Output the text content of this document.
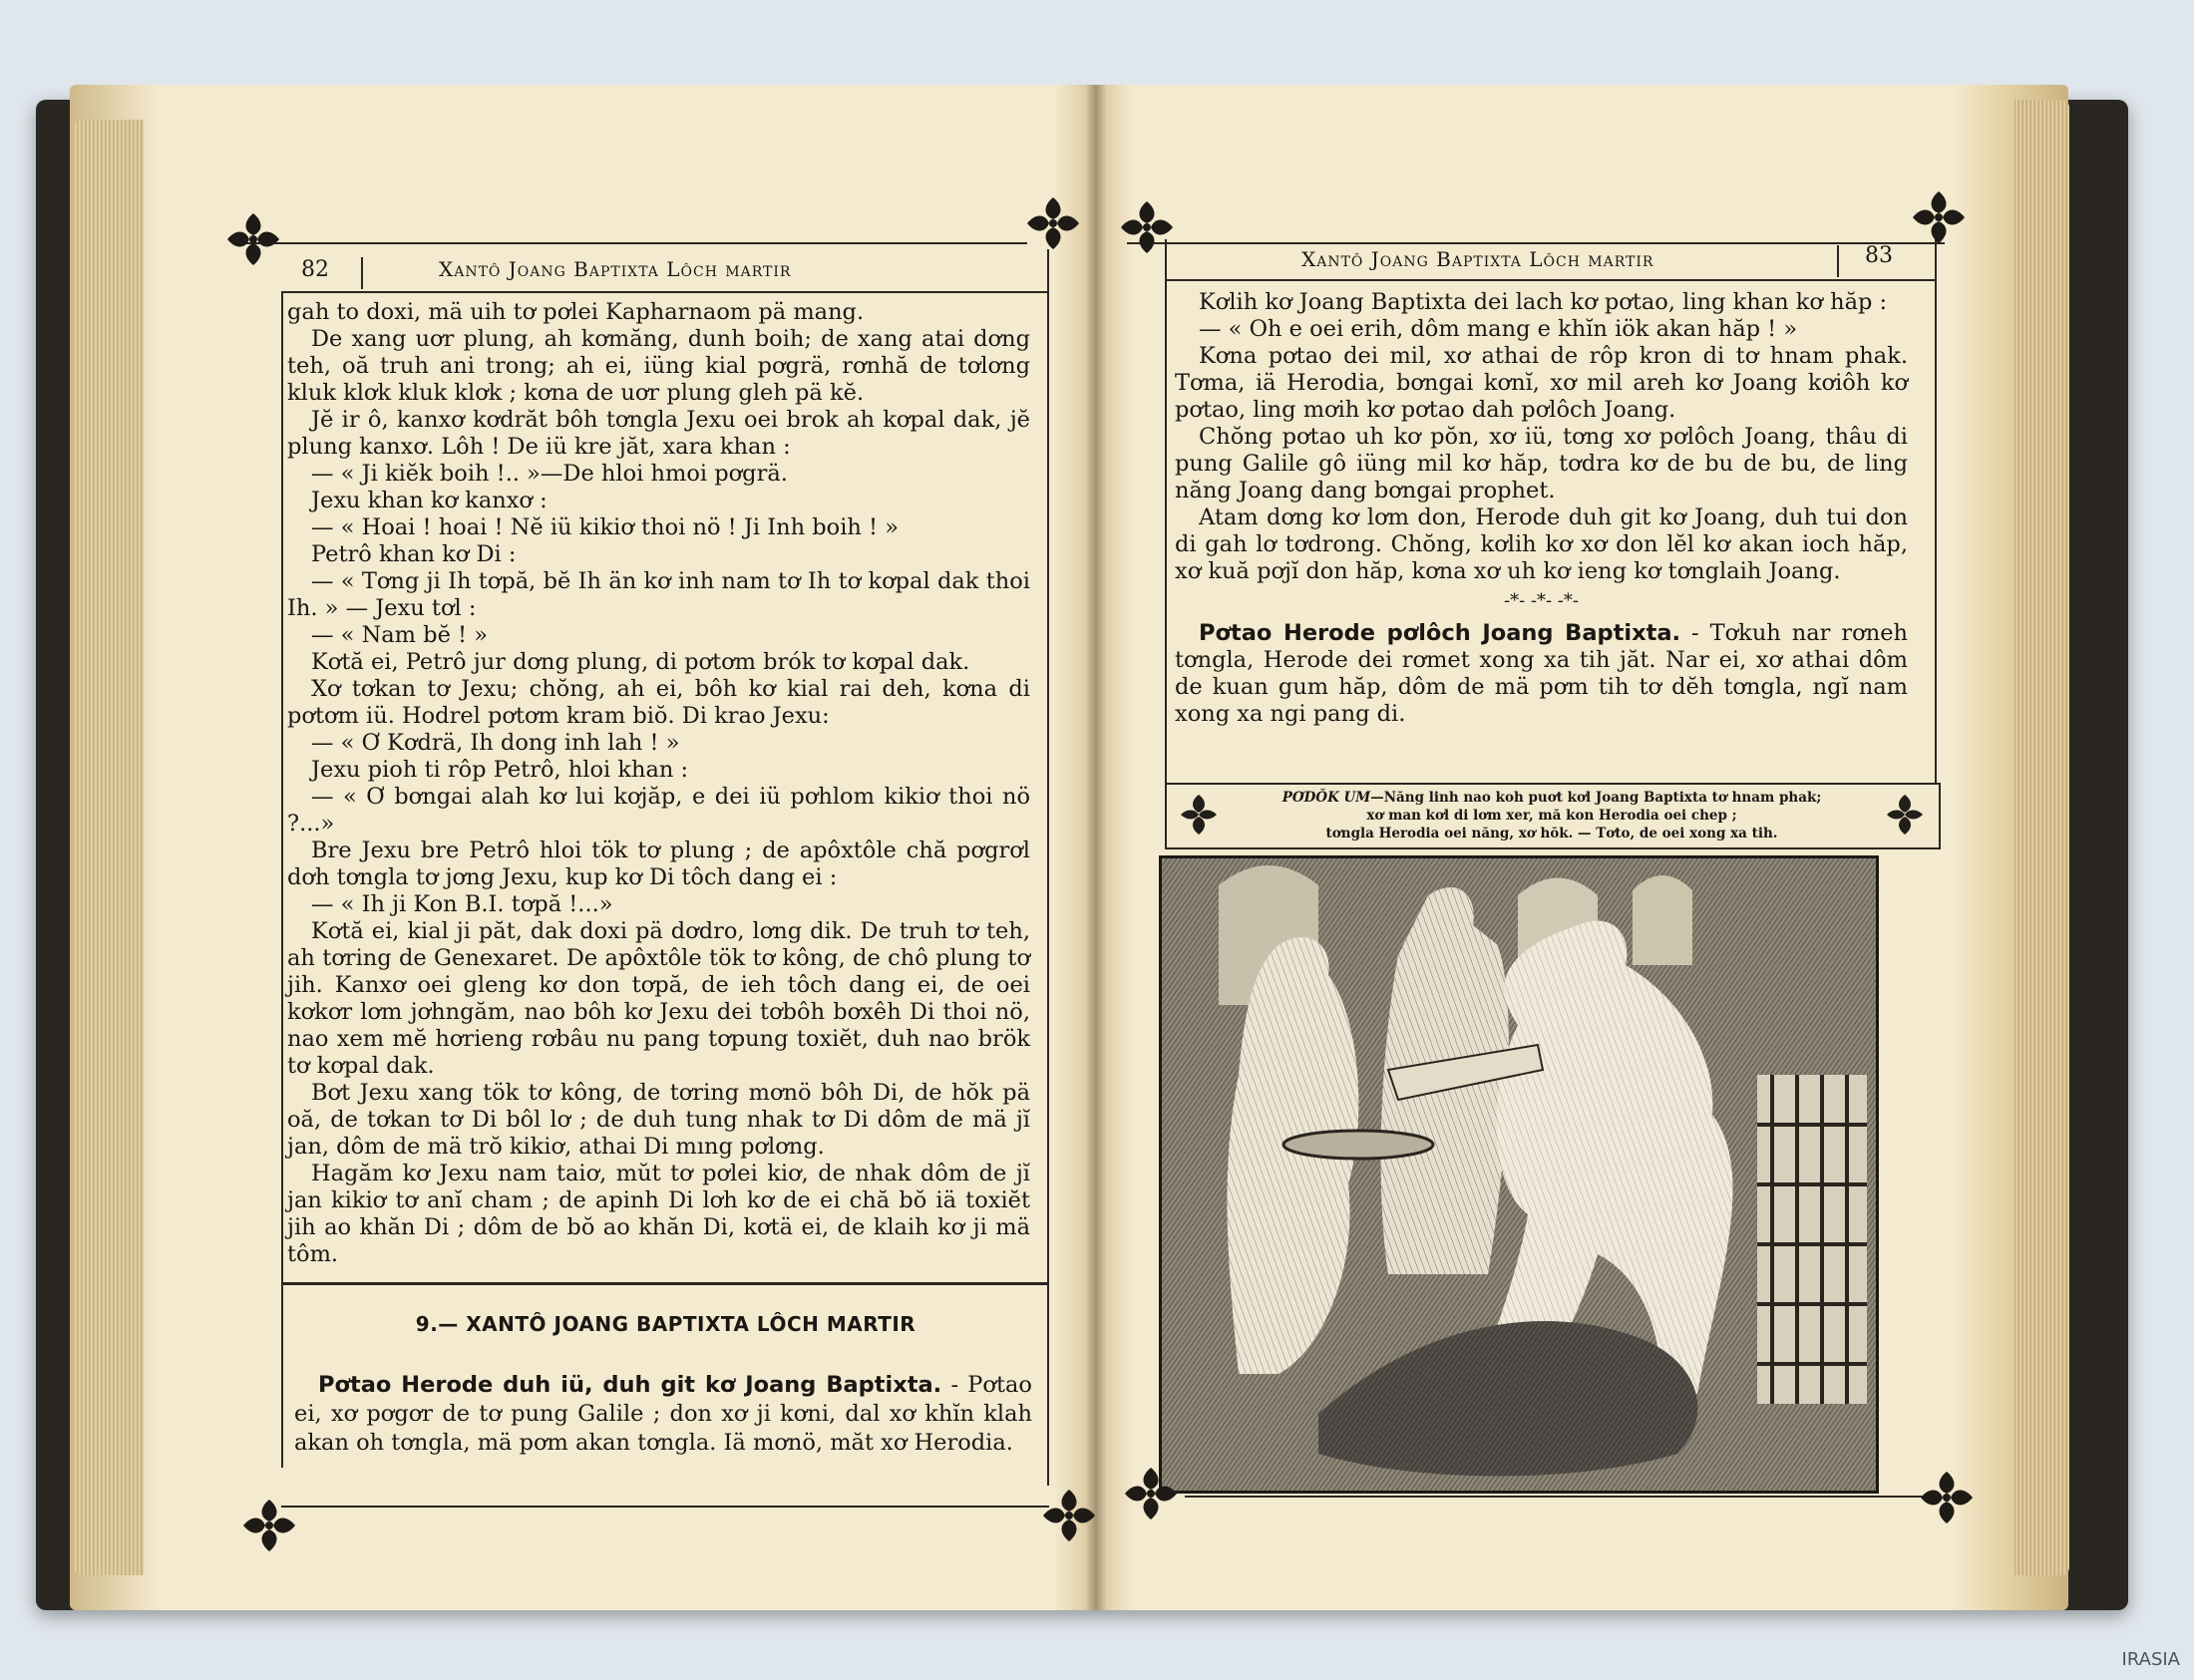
82	Xantô Joang Baptixta Lôch martir

gah to doxi, mä uih tơ pơlei Kapharnaom pä mang.

De xang uơr plung, ah kơmăng, dunh boih; de xang atai dơng teh, oă truh ani trong; ah ei, iüng kial pơgrä, rơnhă de tơlơng kluk klơk kluk klơk ; kơna de uơr plung gleh pä kĕ.

Jĕ ir ô, kanxơ kơdrăt bôh tơngla Jexu oei brok ah kơpal dak, jĕ plung kanxơ. Lôh ! De iü kre jăt, xara khan :

— « Ji kiĕk boih !.. »—De hloi hmoi pơgrä.

Jexu khan kơ kanxơ :

— « Hoai ! hoai ! Nĕ iü kikiơ thoi nö ! Ji Inh boih ! »

Petrô khan kơ Di :

— « Tơng ji Ih tơpă, bĕ Ih än kơ inh nam tơ Ih tơ kơpal dak thoi Ih. » — Jexu tơl :

— « Nam bĕ ! »

Kơtă ei, Petrô jur dơng plung, di pơtơm brók tơ kơpal dak.

Xơ tơkan tơ Jexu; chŏng, ah ei, bôh kơ kial rai deh, kơna di pơtơm iü. Hodrel pơtơm kram biŏ. Di krao Jexu:

— « Ơ Kơdrä, Ih dong inh lah ! »

Jexu pioh ti rôp Petrô, hloi khan :

— « Ơ bơngai alah kơ lui kơjăp, e dei iü pơhlom kikiơ thoi nö ?...»

Bre Jexu bre Petrô hloi tök tơ plung ; de apôxtôle chă pơgrơl dơh tơngla tơ jơng Jexu, kup kơ Di tôch dang ei :

— « Ih ji Kon B.I. tơpă !...»

Kơtă ei, kial ji păt, dak doxi pä dơdro, lơng dik. De truh tơ teh, ah tơring de Genexaret. De apôxtôle tök tơ kông, de chô plung tơ jih. Kanxơ oei gleng kơ don tơpă, de ieh tôch dang ei, de oei kơkơr lơm jơhngăm, nao bôh kơ Jexu dei tơbôh bơxêh Di thoi nö, nao xem mĕ hơrieng rơbâu nu pang tơpung toxiĕt, duh nao brök tơ kơpal dak.

Bơt Jexu xang tök tơ kông, de tơring mơnö bôh Di, de hŏk pä oă, de tơkan tơ Di bôl lơ ; de duh tung nhak tơ Di dôm de mä jĭ jan, dôm de mä trŏ kikiơ, athai Di mıng pơlơng.

Hagăm kơ Jexu nam taiơ, mŭt tơ pơlei kiơ, de nhak dôm de jĭ jan kikiơ tơ anĭ cham ; de apinh Di lơh kơ de ei chă bŏ iä toxiĕt jih ao khăn Di ; dôm de bŏ ao khăn Di, kơtä ei, de klaih kơ ji mä tôm.

9.— XANTÔ JOANG BAPTIXTA LÔCH MARTIR

Pơtao Herode duh iü, duh git kơ Joang Baptixta. - Pơtao ei, xơ pơgơr de tơ pung Galile ; don xơ ji kơni, dal xơ khĭn klah akan oh tơngla, mä pơm akan tơngla. Iä mơnö, măt xơ Herodia.

Xantô Joang Baptixta Lôch martir	83

Kơlih kơ Joang Baptixta dei lach kơ pơtao, ling khan kơ hăp :

— « Oh e oei erih, dôm mang e khĭn iök akan hăp ! »

Kơna pơtao dei mil, xơ athai de rôp kron di tơ hnam phak. Tơma, iä Herodia, bơngai kơnĭ, xơ mil areh kơ Joang kơiôh kơ pơtao, ling mơih kơ pơtao dah pơlôch Joang.

Chŏng pơtao uh kơ pŏn, xơ iü, tơng xơ pơlôch Joang, thâu di pung Galile gô iüng mil kơ hăp, tơdra kơ de bu de bu, de ling năng Joang dang bơngai prophet.

Atam dơng kơ lơm don, Herode duh git kơ Joang, duh tui don di gah lơ tơdrong. Chŏng, kơlih kơ xơ don lĕl kơ akan ioch hăp, xơ kuă pơjĭ don hăp, kơna xơ uh kơ ieng kơ tơnglaih Joang.

-*- -*- -*-

Pơtao Herode pơlôch Joang Baptixta. - Tơkuh nar rơneh tơngla, Herode dei rơmet xong xa tih jăt. Nar ei, xơ athai dôm de kuan gum hăp, dôm de mä pơm tih tơ dĕh tơngla, ngĭ nam xong xa ngi pang di.

PƠDŎK UM—Năng linh nao koh puơt kơl Joang Baptixta tơ hnam phak;
xơ man kơl di lơm xer, mă kon Herodia oei chep ;
tơngla Herodia oei năng, xơ hŏk. — Tơto, de oei xong xa tih.
IRASIA
